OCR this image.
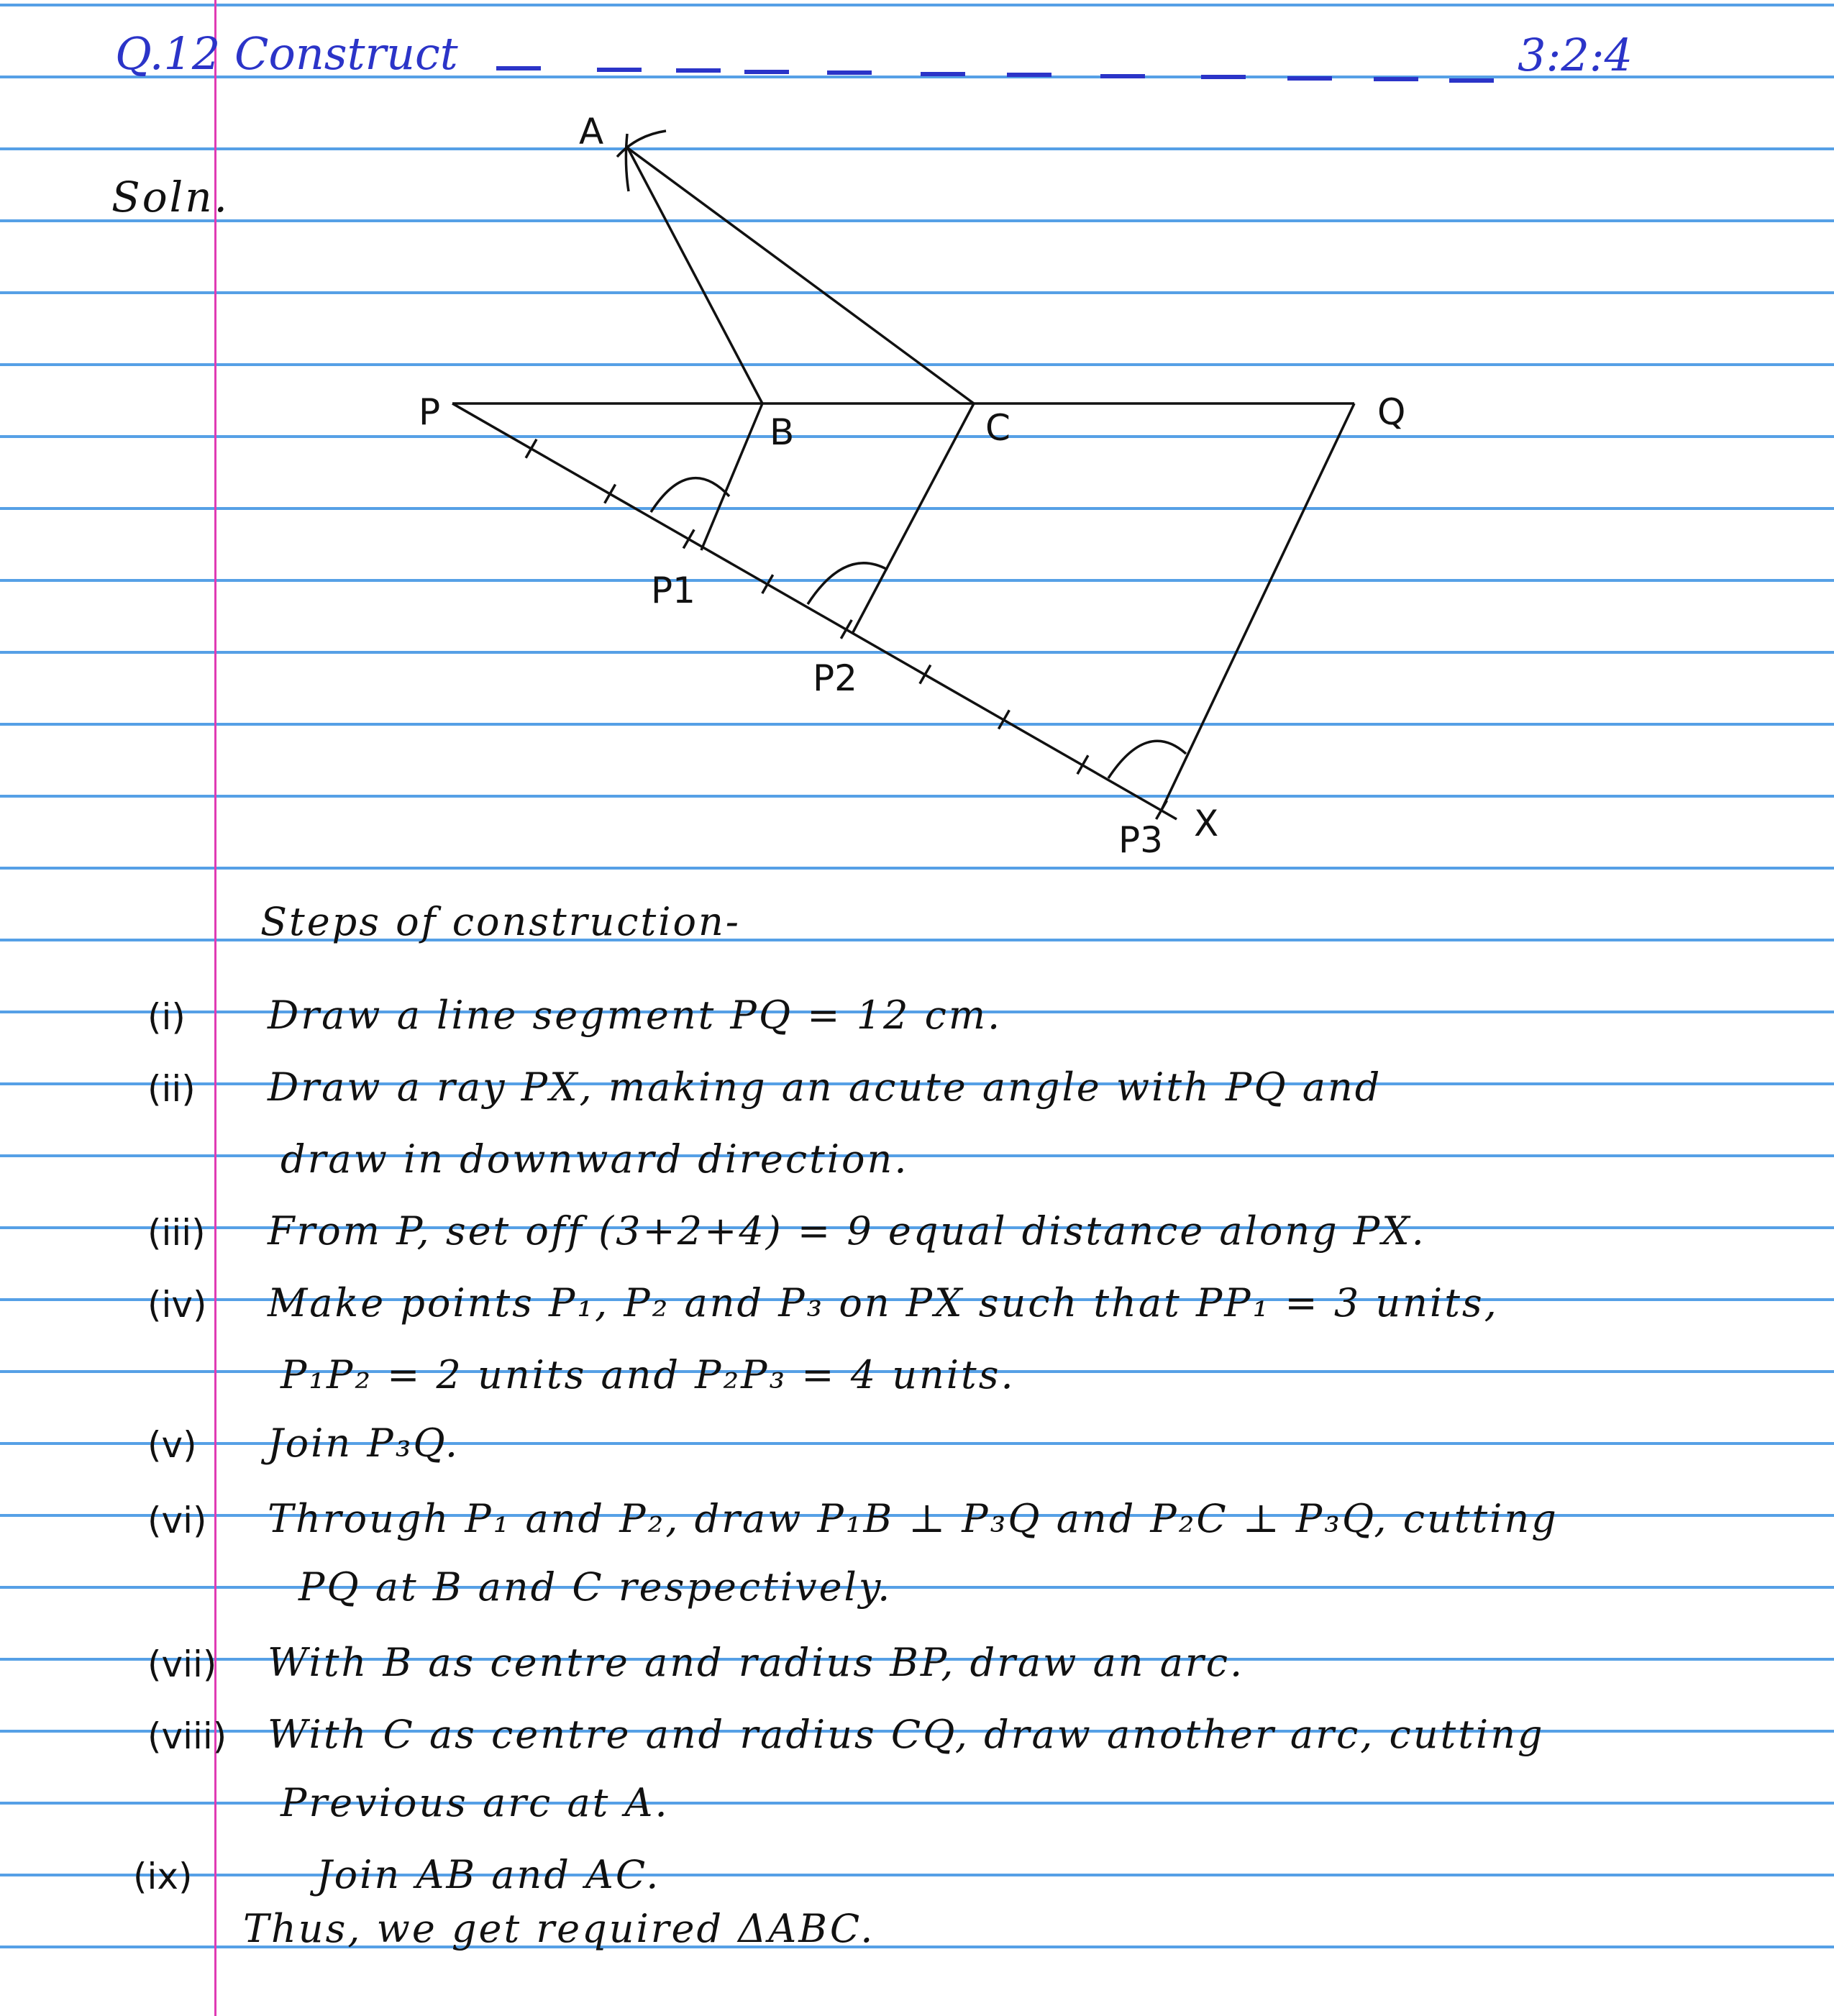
Q.12 Construct	3:2:4
Soln.
A
P	B	C	Q
P1
P2
P3 X
Steps of construction-
(i) Draw a line segment PQ = 12 cm.
(ii) Draw a ray PX, making an acute angle with PQ and
draw in downward direction.
(iii) From P, set off (3+2+4) = 9 equal distance along PX.
(iv) Make points P₁, P₂ and P₃ on PX such that PP₁ = 3 units,
P₁P₂ = 2 units and P₂P₃ = 4 units.
(v) Join P₃Q.
(vi) Through P₁ and P₂, draw P₁B ⊥ P₃Q and P₂C ⊥ P₃Q, cutting
PQ at B and C respectively.
(vii) With B as centre and radius BP, draw an arc.
(viii) With C as centre and radius CQ, draw another arc, cutting
Previous arc at A.
(ix)	Join AB and AC.
Thus, we get required ΔABC.
